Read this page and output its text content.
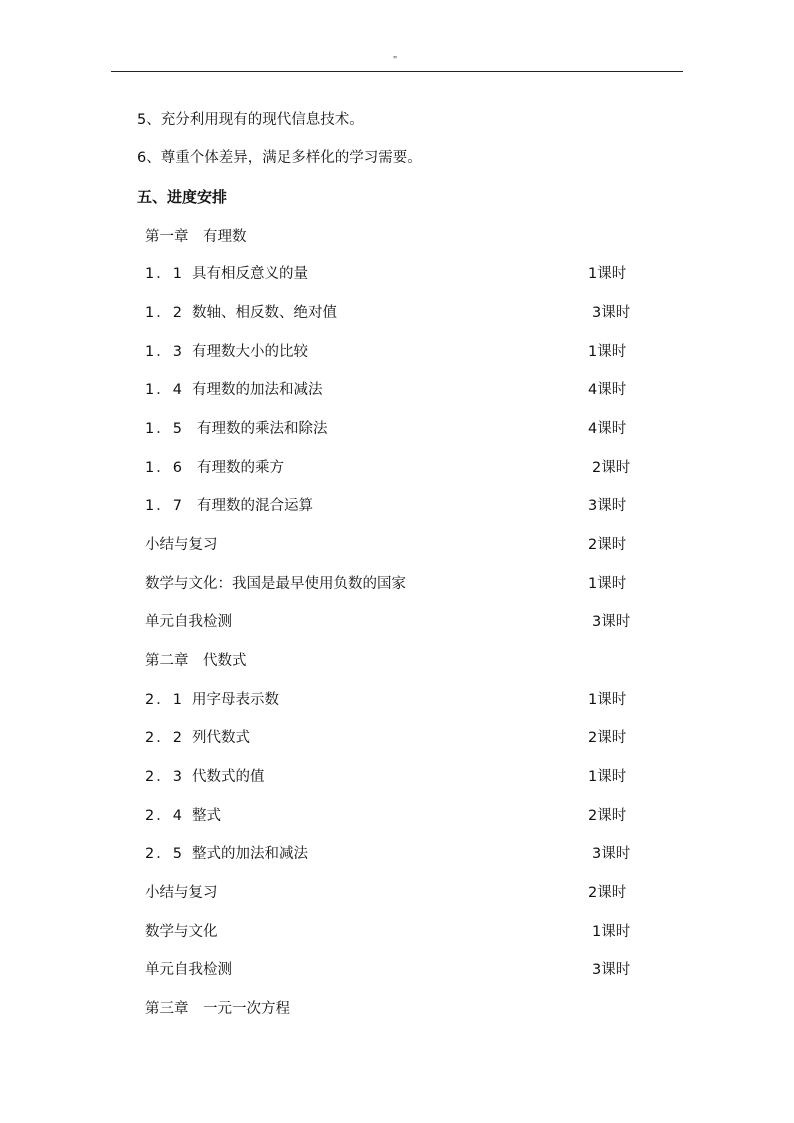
"
5、充分利用现有的现代信息技术。
6、尊重个体差异，满足多样化的学习需要。
五、进度安排
第一章　有理数
1．1 具有相反意义的量	1课时
1．2 数轴、相反数、绝对值	3课时
1．3 有理数大小的比较	1课时
1．4 有理数的加法和减法	4课时
1．5 有理数的乘法和除法	4课时
1．6 有理数的乘方	2课时
1．7 有理数的混合运算	3课时
小结与复习	2课时
数学与文化：我国是最早使用负数的国家	1课时
单元自我检测	3课时
第二章　代数式
2．1 用字母表示数	1课时
2．2 列代数式	2课时
2．3 代数式的值	1课时
2．4 整式	2课时
2．5 整式的加法和减法	3课时
小结与复习	2课时
数学与文化	1课时
单元自我检测	3课时
第三章　一元一次方程
